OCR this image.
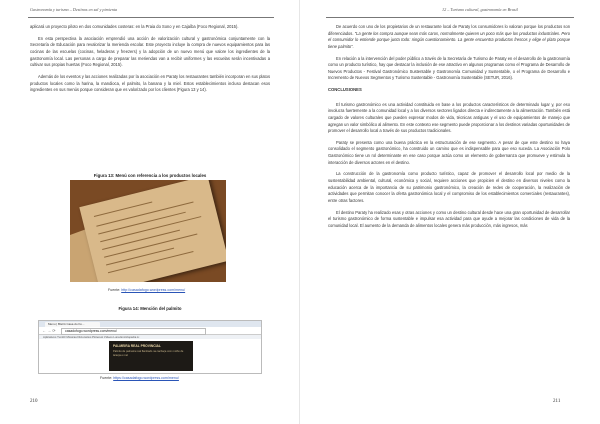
Gastronomía y turismo – Destinos en sal y pimienta

aplicará un proyecto piloto en dos comunidades costeras: en la Praia do Sono y en Cajaíba (Foco Regional, 2015).

En esta perspectiva la asociación emprendió una acción de valorización cultural y gastronómica conjuntamente con la Secretaría de Educación para revalorizar la merienda escolar. Este proyecto incluye la compra de nuevos equipamientos para las cocinas de las escuelas (cocinas, heladeras y freezers) y la adopción de un nuevo menú que valore los ingredientes de la gastronomía local. Las personas a cargo de preparar las meriendas van a recibir uniformes y las escuelas serán incentivadas a cultivar sus propias huertas (Foco Regional, 2015).

Además de los eventos y las acciones realizadas por la asociación en Paraty los restaurantes también incorporan en sus platos productos locales como la harina, la mandioca, el palmito, la banana y la miel. Estos establecimientos incluso destacan esos ingredientes en sus menús porque consideran que es valorizado por los clientes (Figura 13 y 14).

Figura 13: Menú con referencia a los productos locales
Fuente: http://casadafogo.wordpress.com/menu/
Figura 14: Mención del palmito
Menu | Bistrô Casa do Fo...
← → ⟳	casadofogo.wordpress.com/menu/
Aplicativos Tumblr Músicas Dicionários Pinterest Vídeos Luna Enciclopédia Li
PALMEIRA REAL PROVINCIAL
Palmito de palmeira real flambado na cachaça com molho de laranja e mel
Fuente: https://casadafogo.wordpress.com/menu/
210
12 – Turismo cultural, gastronomía en Brasil

De acuerdo con uno de los propietarios de un restaurante local de Paraty los consumidores lo valoran porque los productos son diferenciados. "La gente los compra aunque sean más caros, normalmente quieren un poco más que los productos industriales. Pero el consumidor lo entiende porque junta todo: ningún cuestionamiento. La gente encuentra productos frescos y elige el plato porque tiene palmito".

En relación a la intervención del poder público a través de la Secretaría de Turismo de Paraty en el desarrollo de la gastronomía como un producto turístico, hay que destacar la inclusión de ese atractivo en algunos programas como el Programa de Desarrollo de Nuevos Productos - Festival Gastronómico Sustentable y Gastronomía Comunidad y Sustentable, o el Programa de Desarrollo e Incremento de Nuevos Segmentos y Turismo Sustentable - Gastronomía Sustentable (SETUR, 2016).

CONCLUSIONES

El turismo gastronómico es una actividad constituida en base a los productos característicos de determinado lugar y, por eso involucra fuertemente a la comunidad local y a los diversos sectores ligados directa e indirectamente a la alimentación. También está cargado de valores culturales que pueden expresar modos de vida, técnicas antiguas y el uso de equipamientos de manejo que agregan un valor simbólico al alimento. En este contexto ese segmento puede proporcionar a los destinos variadas oportunidades de promover el desarrollo local a través de sus productos tradicionales.

Paraty se presenta como una buena práctica en la estructuración de ese segmento. A pesar de que este destino no haya consolidado el segmento gastronómico, ha construido un camino que es indispensable para que eso suceda. La Asociación Polo Gastronómico tiene un rol determinante en ese caso porque actúa como un elemento de gobernanza que promueve y estimula la interacción de diversos actores en el destino.

La construcción de la gastronomía como producto turístico, capaz de promover el desarrollo local por medio de la sustentabilidad ambiental, cultural, económica y social, requiere acciones que propicien el destino en diversos niveles como la educación acerca de la importancia de su patrimonio gastronómico, la creación de redes de cooperación, la realización de actividades que permitan conocer la oferta gastronómica local y el compromiso de los establecimientos comerciales (restaurantes), entre otras factores.

El destino Paraty ha realizado esas y otras acciones y como un destino cultural desde hace una gran oportunidad de desarrollar el turismo gastronómico de forma sustentable e impulsar esa actividad para que ayude a mejorar las condiciones de vida de la comunidad local. El aumento de la demanda de alimentos locales genera más producción, más ingresos, más

211
